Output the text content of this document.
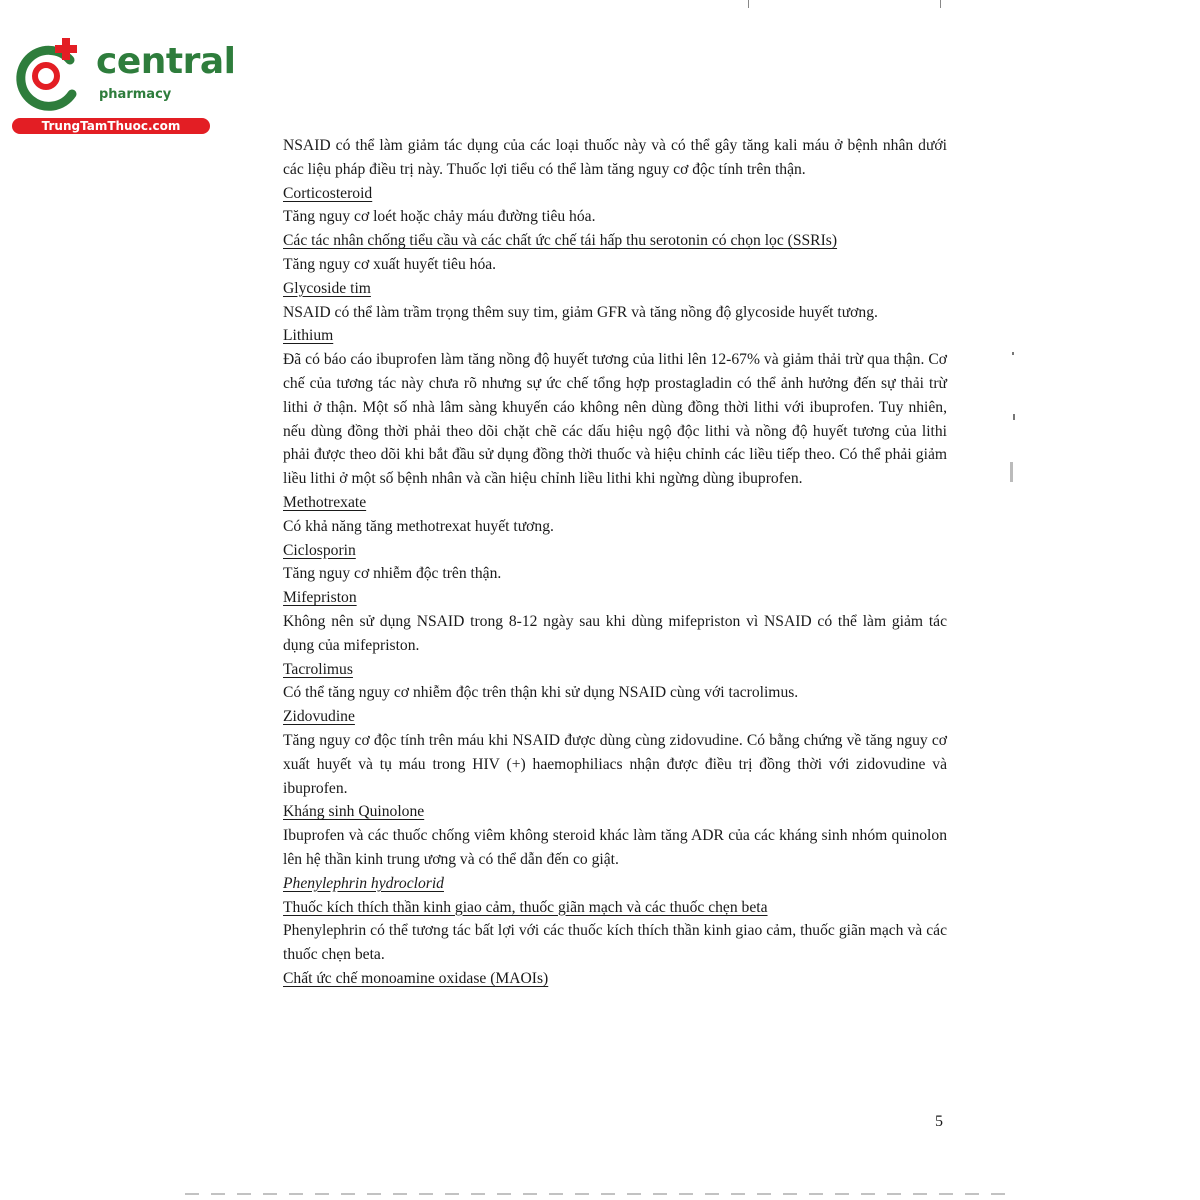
central
pharmacy
TrungTamThuoc.com

NSAID có thể làm giảm tác dụng của các loại thuốc này và có thể gây tăng kali máu ở bệnh nhân dưới các liệu pháp điều trị này. Thuốc lợi tiểu có thể làm tăng nguy cơ độc tính trên thận.

Corticosteroid

Tăng nguy cơ loét hoặc chảy máu đường tiêu hóa.

Các tác nhân chống tiểu cầu và các chất ức chế tái hấp thu serotonin có chọn lọc (SSRIs)

Tăng nguy cơ xuất huyết tiêu hóa.

Glycoside tim

NSAID có thể làm trầm trọng thêm suy tim, giảm GFR và tăng nồng độ glycoside huyết tương.

Lithium

Đã có báo cáo ibuprofen làm tăng nồng độ huyết tương của lithi lên 12-67% và giảm thải trừ qua thận. Cơ chế của tương tác này chưa rõ nhưng sự ức chế tổng hợp prostagladin có thể ảnh hưởng đến sự thải trừ lithi ở thận. Một số nhà lâm sàng khuyến cáo không nên dùng đồng thời lithi với ibuprofen. Tuy nhiên, nếu dùng đồng thời phải theo dõi chặt chẽ các dấu hiệu ngộ độc lithi và nồng độ huyết tương của lithi phải được theo dõi khi bắt đầu sử dụng đồng thời thuốc và hiệu chỉnh các liều tiếp theo. Có thể phải giảm liều lithi ở một số bệnh nhân và cần hiệu chỉnh liều lithi khi ngừng dùng ibuprofen.

Methotrexate

Có khả năng tăng methotrexat huyết tương.

Ciclosporin

Tăng nguy cơ nhiễm độc trên thận.

Mifepriston

Không nên sử dụng NSAID trong 8-12 ngày sau khi dùng mifepriston vì NSAID có thể làm giảm tác dụng của mifepriston.

Tacrolimus

Có thể tăng nguy cơ nhiễm độc trên thận khi sử dụng NSAID cùng với tacrolimus.

Zidovudine

Tăng nguy cơ độc tính trên máu khi NSAID được dùng cùng zidovudine. Có bằng chứng về tăng nguy cơ xuất huyết và tụ máu trong HIV (+) haemophiliacs nhận được điều trị đồng thời với zidovudine và ibuprofen.

Kháng sinh Quinolone

Ibuprofen và các thuốc chống viêm không steroid khác làm tăng ADR của các kháng sinh nhóm quinolon lên hệ thần kinh trung ương và có thể dẫn đến co giật.

Phenylephrin hydroclorid

Thuốc kích thích thần kinh giao cảm, thuốc giãn mạch và các thuốc chẹn beta

Phenylephrin có thể tương tác bất lợi với các thuốc kích thích thần kinh giao cảm, thuốc giãn mạch và các thuốc chẹn beta.

Chất ức chế monoamine oxidase (MAOIs)

5
